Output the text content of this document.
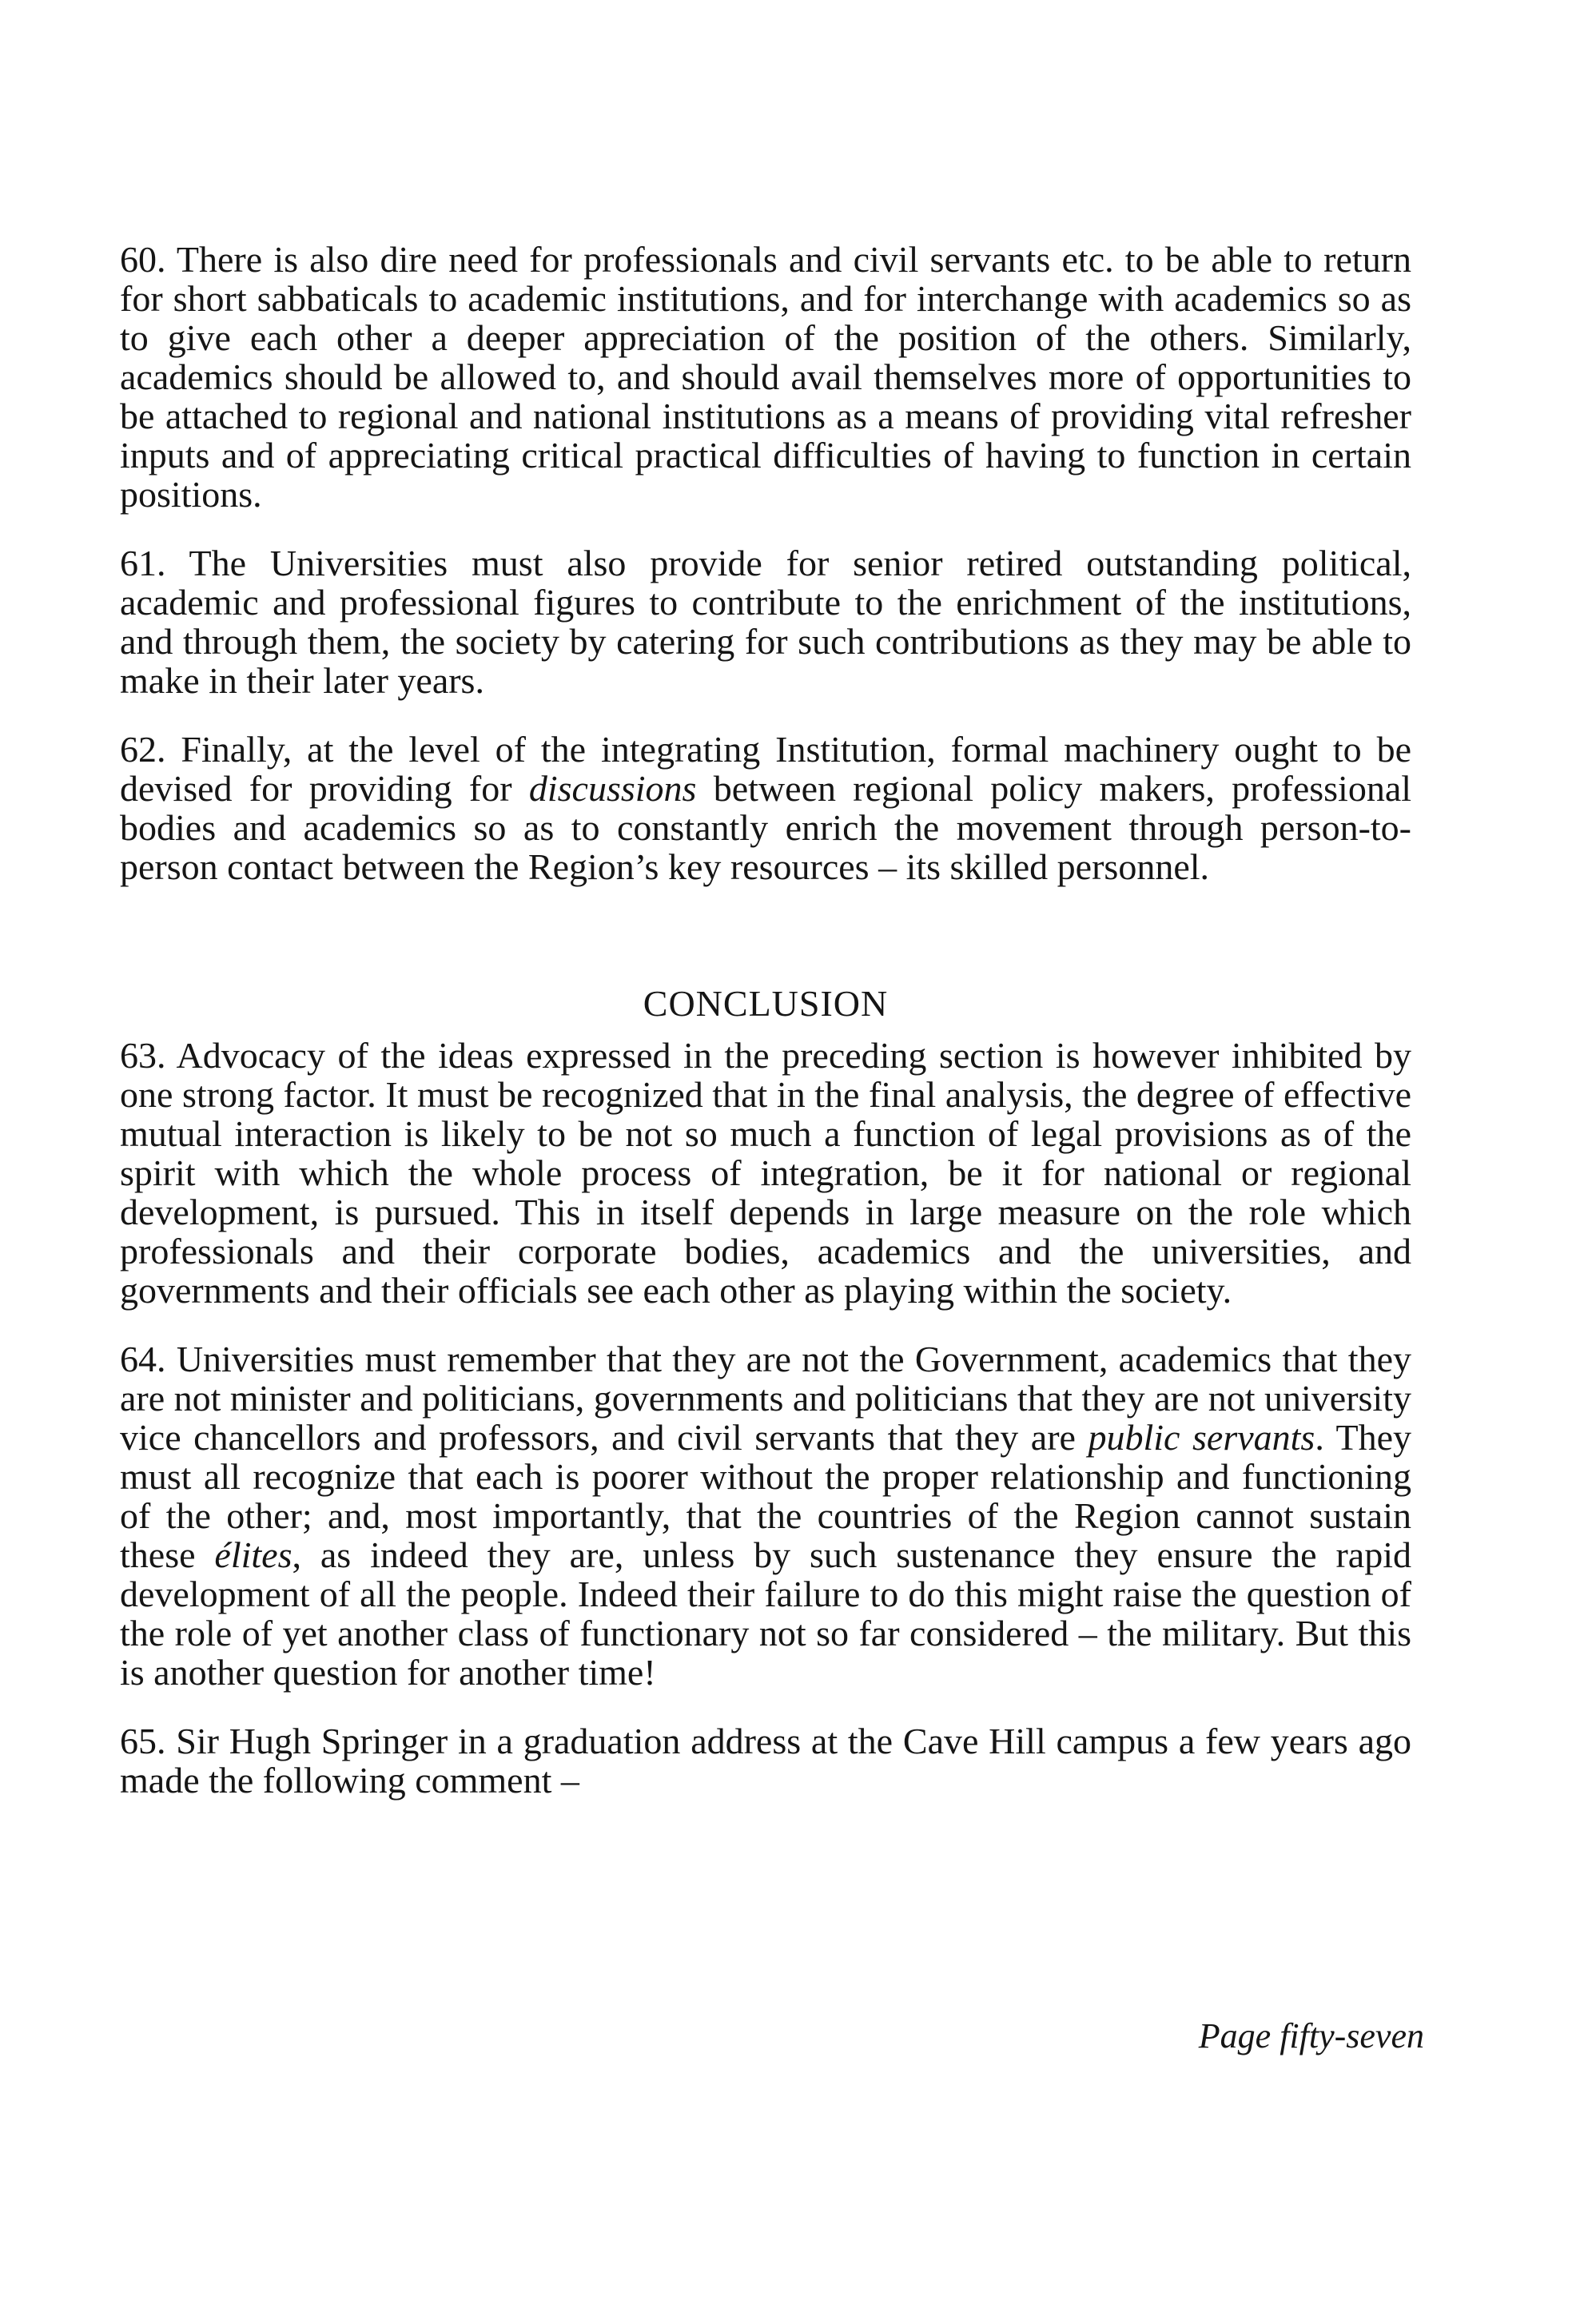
60. There is also dire need for professionals and civil servants etc. to be able to return for short sabbaticals to academic institutions, and for interchange with academics so as to give each other a deeper appreciation of the position of the others. Similarly, academics should be allowed to, and should avail themselves more of opportunities to be attached to regional and national institutions as a means of providing vital refresher inputs and of appreciating critical practical difficulties of having to function in certain positions.

61. The Universities must also provide for senior retired outstanding political, academic and professional figures to contribute to the enrichment of the institutions, and through them, the society by catering for such contributions as they may be able to make in their later years.

62. Finally, at the level of the integrating Institution, formal machinery ought to be devised for providing for discussions between regional policy makers, professional bodies and academics so as to constantly enrich the movement through person-to-person contact between the Region’s key resources – its skilled personnel.

CONCLUSION

63. Advocacy of the ideas expressed in the preceding section is however inhibited by one strong factor. It must be recognized that in the final analysis, the degree of effective mutual interaction is likely to be not so much a function of legal provisions as of the spirit with which the whole process of integration, be it for national or regional development, is pursued. This in itself depends in large measure on the role which professionals and their corporate bodies, academics and the universities, and governments and their officials see each other as playing within the society.

64. Universities must remember that they are not the Government, academics that they are not minister and politicians, governments and politicians that they are not university vice chancellors and professors, and civil servants that they are public servants. They must all recognize that each is poorer without the proper relationship and functioning of the other; and, most importantly, that the countries of the Region cannot sustain these élites, as indeed they are, unless by such sustenance they ensure the rapid development of all the people. Indeed their failure to do this might raise the question of the role of yet another class of functionary not so far considered – the military. But this is another question for another time!

65. Sir Hugh Springer in a graduation address at the Cave Hill campus a few years ago made the following comment –

Page fifty-seven
